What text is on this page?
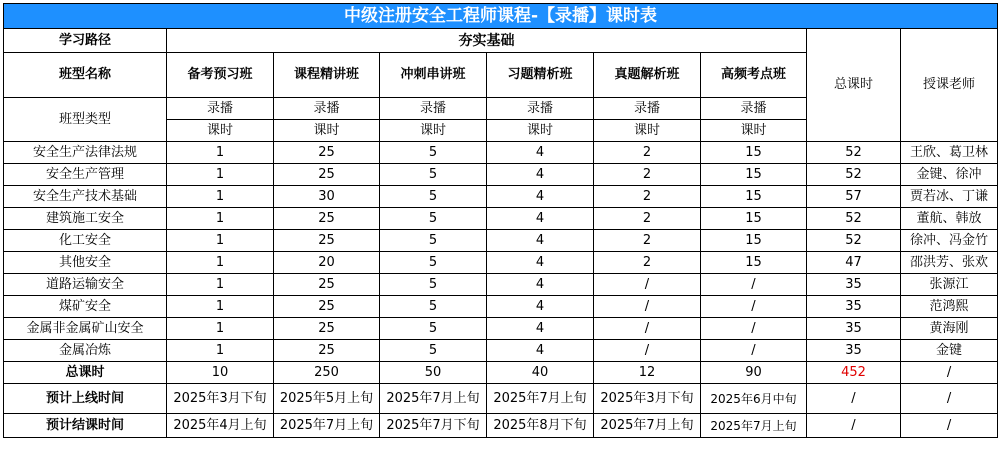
中级注册安全工程师课程-【录播】课时表								
学习路径	夯实基础						总课时	授课老师
班型名称	备考预习班	课程精讲班	冲刺串讲班	习题精析班	真题解析班	高频考点班		
班型类型	录播	录播	录播	录播	录播	录播		
	课时	课时	课时	课时	课时	课时		
安全生产法律法规	1	25	5	4	2	15	52	王欣、葛卫林
安全生产管理	1	25	5	4	2	15	52	金键、徐冲
安全生产技术基础	1	30	5	4	2	15	57	贾若冰、丁谦
建筑施工安全	1	25	5	4	2	15	52	董航、韩放
化工安全	1	25	5	4	2	15	52	徐冲、冯金竹
其他安全	1	20	5	4	2	15	47	邵洪芳、张欢
道路运输安全	1	25	5	4	/	/	35	张源江
煤矿安全	1	25	5	4	/	/	35	范鸿熙
金属非金属矿山安全	1	25	5	4	/	/	35	黄海刚
金属冶炼	1	25	5	4	/	/	35	金键
总课时	10	250	50	40	12	90	452	/
预计上线时间	2025年3月下旬	2025年5月上旬	2025年7月上旬	2025年7月上旬	2025年3月下旬	2025年6月中旬	/	/
预计结课时间	2025年4月上旬	2025年7月上旬	2025年7月下旬	2025年8月下旬	2025年7月上旬	2025年7月上旬	/	/
